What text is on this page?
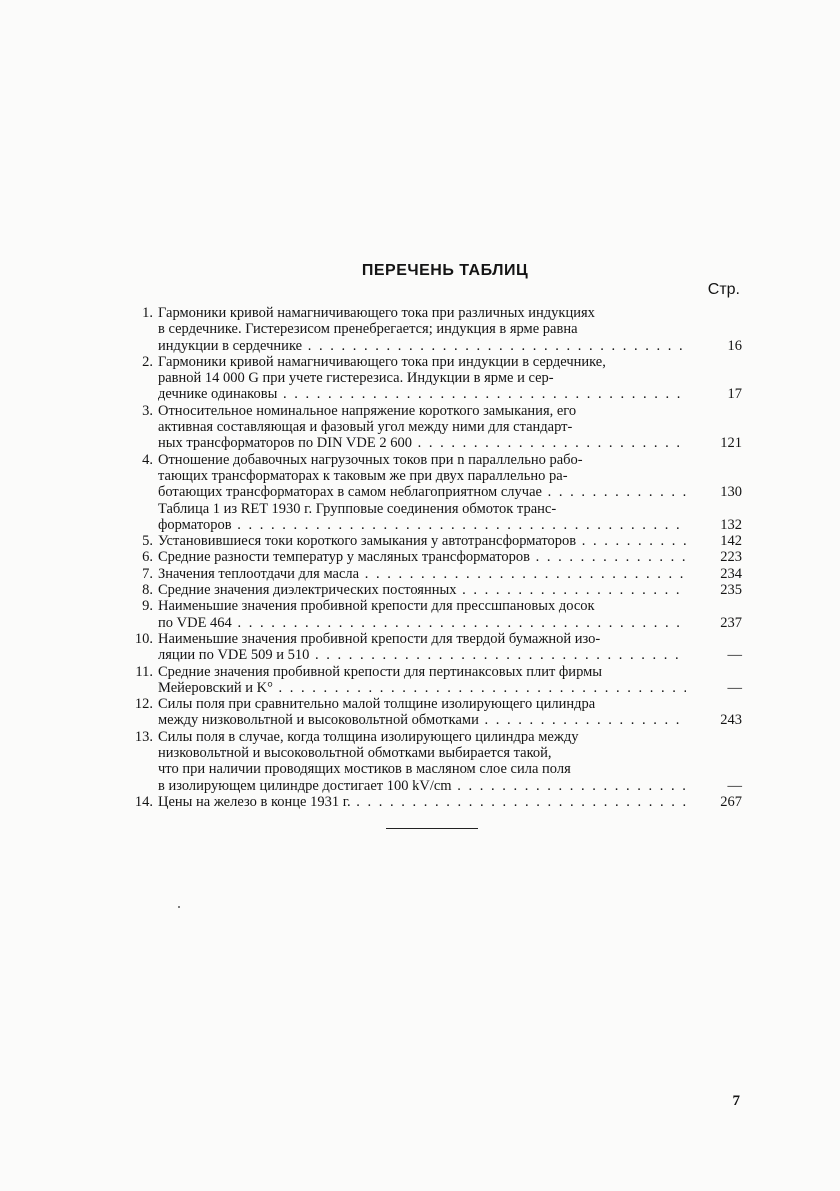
ПЕРЕЧЕНЬ ТАБЛИЦ
Стр.
1. Гармоники кривой намагничивающего тока при различных индукциях
в сердечнике. Гистерезисом пренебрегается; индукция в ярме равна
индукции в сердечнике . . .	16
2. Гармоники кривой намагничивающего тока при индукции в сердечнике,
равной 14 000 G при учете гистерезиса. Индукции в ярме и сер-
дечнике одинаковы . . .	17
3. Относительное номинальное напряжение короткого замыкания, его
активная составляющая и фазовый угол между ними для стандарт-
ных трансформаторов по DIN VDE 2 600 . . .	121
4. Отношение добавочных нагрузочных токов при n параллельно рабо-
тающих трансформаторах к таковым же при двух параллельно ра-
ботающих трансформаторах в самом неблагоприятном случае . . .	130
Таблица 1 из RET 1930 г. Групповые соединения обмоток транс-
форматоров . . .	132
5. Установившиеся токи короткого замыкания у автотрансформаторов . . .	142
6. Средние разности температур у масляных трансформаторов . . .	223
7. Значения теплоотдачи для масла . . .	234
8. Средние значения диэлектрических постоянных . . .	235
9. Наименьшие значения пробивной крепости для прессшпановых досок
по VDE 464 . . .	237
10. Наименьшие значения пробивной крепости для твердой бумажной изо-
ляции по VDE 509 и 510 . . .	—
11. Средние значения пробивной крепости для пертинаксовых плит фирмы
Мейеровский и K° . . .	—
12. Силы поля при сравнительно малой толщине изолирующего цилиндра
между низковольтной и высоковольтной обмотками . . .	243
13. Силы поля в случае, когда толщина изолирующего цилиндра между
низковольтной и высоковольтной обмотками выбирается такой,
что при наличии проводящих мостиков в масляном слое сила поля
в изолирующем цилиндре достигает 100 kV/cm . . .	—
14. Цены на железо в конце 1931 г. . . .	267
7
